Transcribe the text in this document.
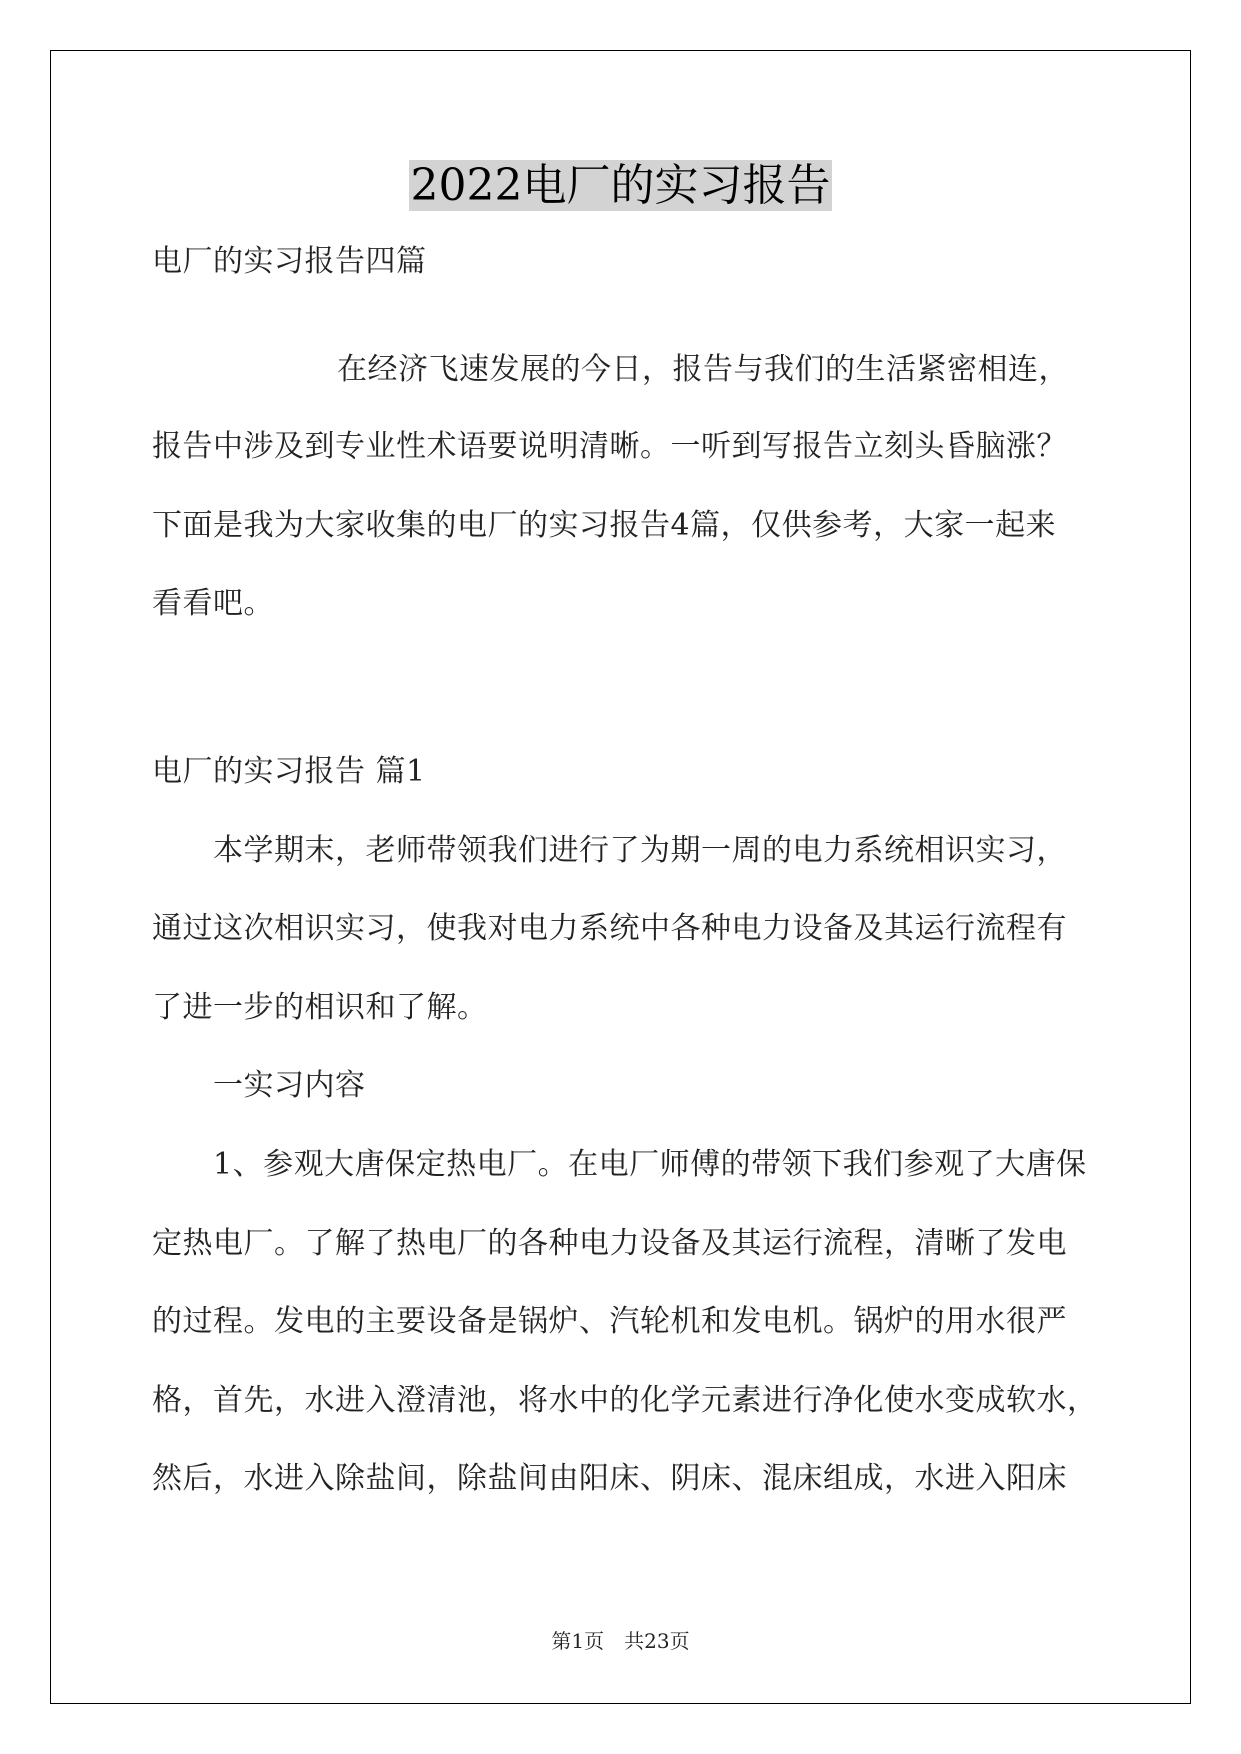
2022电厂的实习报告
电厂的实习报告四篇
在经济飞速发展的今日，报告与我们的生活紧密相连，
报告中涉及到专业性术语要说明清晰。一听到写报告立刻头昏脑涨？
下面是我为大家收集的电厂的实习报告4篇，仅供参考，大家一起来
看看吧。
电厂的实习报告 篇1
本学期末，老师带领我们进行了为期一周的电力系统相识实习，
通过这次相识实习，使我对电力系统中各种电力设备及其运行流程有
了进一步的相识和了解。
一实习内容
1、参观大唐保定热电厂。在电厂师傅的带领下我们参观了大唐保
定热电厂。了解了热电厂的各种电力设备及其运行流程，清晰了发电
的过程。发电的主要设备是锅炉、汽轮机和发电机。锅炉的用水很严
格，首先，水进入澄清池，将水中的化学元素进行净化使水变成软水，
然后，水进入除盐间，除盐间由阳床、阴床、混床组成，水进入阳床
第1页　共23页
